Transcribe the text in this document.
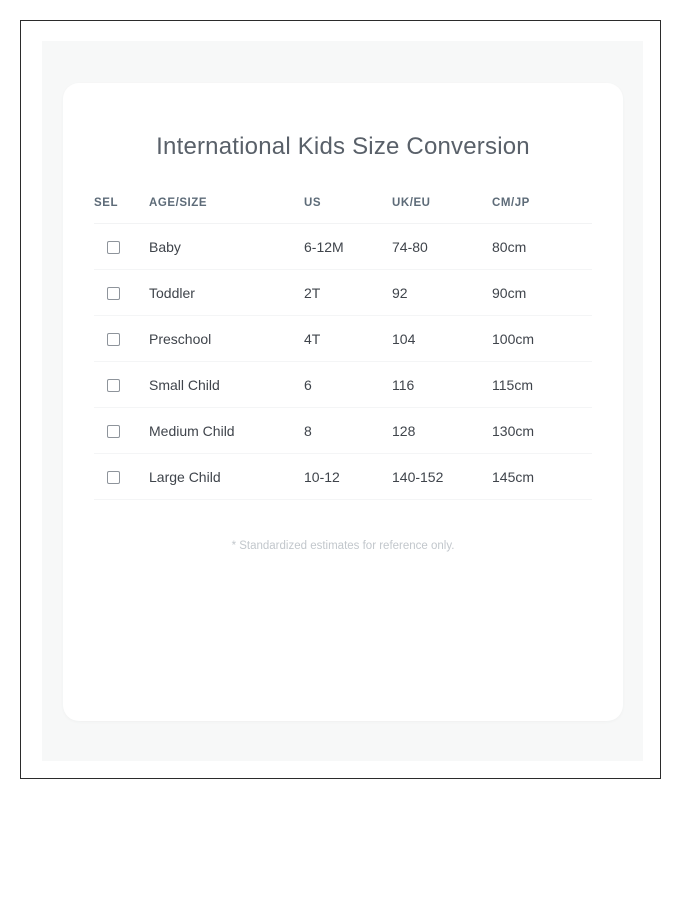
International Kids Size Conversion
SEL	AGE/SIZE	US	UK/EU	CM/JP
	Baby	6-12M	74-80	80cm
	Toddler	2T	92	90cm
	Preschool	4T	104	100cm
	Small Child	6	116	115cm
	Medium Child	8	128	130cm
	Large Child	10-12	140-152	145cm
* Standardized estimates for reference only.
